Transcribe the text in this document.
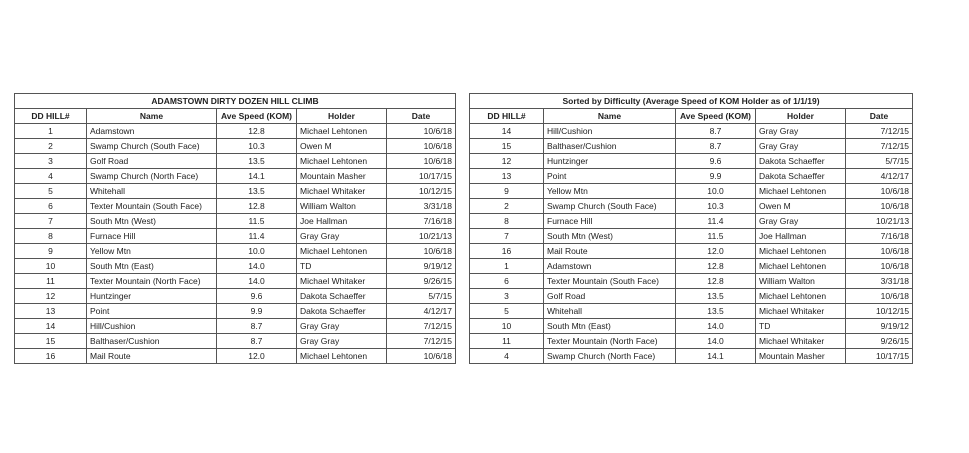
ADAMSTOWN DIRTY DOZEN HILL CLIMB				
DD HILL#	Name	Ave Speed (KOM)	Holder	Date
1	Adamstown	12.8	Michael Lehtonen	10/6/18
2	Swamp Church (South Face)	10.3	Owen M	10/6/18
3	Golf Road	13.5	Michael Lehtonen	10/6/18
4	Swamp Church (North Face)	14.1	Mountain Masher	10/17/15
5	Whitehall	13.5	Michael Whitaker	10/12/15
6	Texter Mountain (South Face)	12.8	William Walton	3/31/18
7	South Mtn (West)	11.5	Joe Hallman	7/16/18
8	Furnace Hill	11.4	Gray Gray	10/21/13
9	Yellow Mtn	10.0	Michael Lehtonen	10/6/18
10	South Mtn (East)	14.0	TD	9/19/12
11	Texter Mountain (North Face)	14.0	Michael Whitaker	9/26/15
12	Huntzinger	9.6	Dakota Schaeffer	5/7/15
13	Point	9.9	Dakota Schaeffer	4/12/17
14	Hill/Cushion	8.7	Gray Gray	7/12/15
15	Balthaser/Cushion	8.7	Gray Gray	7/12/15
16	Mail Route	12.0	Michael Lehtonen	10/6/18
Sorted by Difficulty (Average Speed of KOM Holder as of 1/1/19)				
DD HILL#	Name	Ave Speed (KOM)	Holder	Date
14	Hill/Cushion	8.7	Gray Gray	7/12/15
15	Balthaser/Cushion	8.7	Gray Gray	7/12/15
12	Huntzinger	9.6	Dakota Schaeffer	5/7/15
13	Point	9.9	Dakota Schaeffer	4/12/17
9	Yellow Mtn	10.0	Michael Lehtonen	10/6/18
2	Swamp Church (South Face)	10.3	Owen M	10/6/18
8	Furnace Hill	11.4	Gray Gray	10/21/13
7	South Mtn (West)	11.5	Joe Hallman	7/16/18
16	Mail Route	12.0	Michael Lehtonen	10/6/18
1	Adamstown	12.8	Michael Lehtonen	10/6/18
6	Texter Mountain (South Face)	12.8	William Walton	3/31/18
3	Golf Road	13.5	Michael Lehtonen	10/6/18
5	Whitehall	13.5	Michael Whitaker	10/12/15
10	South Mtn (East)	14.0	TD	9/19/12
11	Texter Mountain (North Face)	14.0	Michael Whitaker	9/26/15
4	Swamp Church (North Face)	14.1	Mountain Masher	10/17/15
